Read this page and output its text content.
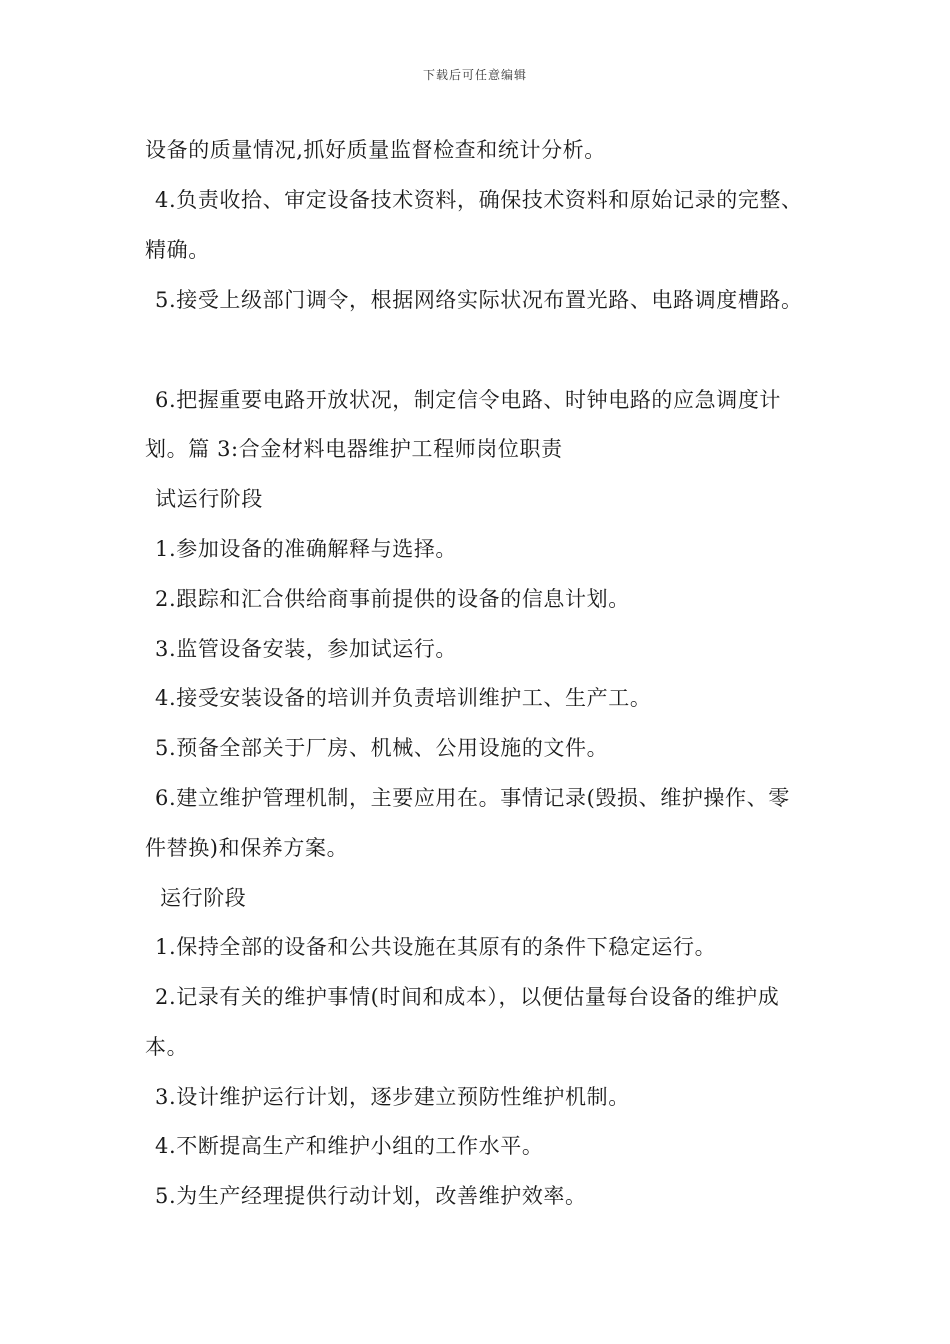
下载后可任意编辑
设备的质量情况,抓好质量监督检查和统计分析。
4.负责收拾、审定设备技术资料，确保技术资料和原始记录的完整、
精确。
5.接受上级部门调令，根据网络实际状况布置光路、电路调度槽路。
6.把握重要电路开放状况，制定信令电路、时钟电路的应急调度计
划。篇 3:合金材料电器维护工程师岗位职责
试运行阶段
1.参加设备的准确解释与选择。
2.跟踪和汇合供给商事前提供的设备的信息计划。
3.监管设备安装，参加试运行。
4.接受安装设备的培训并负责培训维护工、生产工。
5.预备全部关于厂房、机械、公用设施的文件。
6.建立维护管理机制，主要应用在。事情记录(毁损、维护操作、零
件替换)和保养方案。
运行阶段
1.保持全部的设备和公共设施在其原有的条件下稳定运行。
2.记录有关的维护事情(时间和成本），以便估量每台设备的维护成
本。
3.设计维护运行计划，逐步建立预防性维护机制。
4.不断提高生产和维护小组的工作水平。
5.为生产经理提供行动计划，改善维护效率。
